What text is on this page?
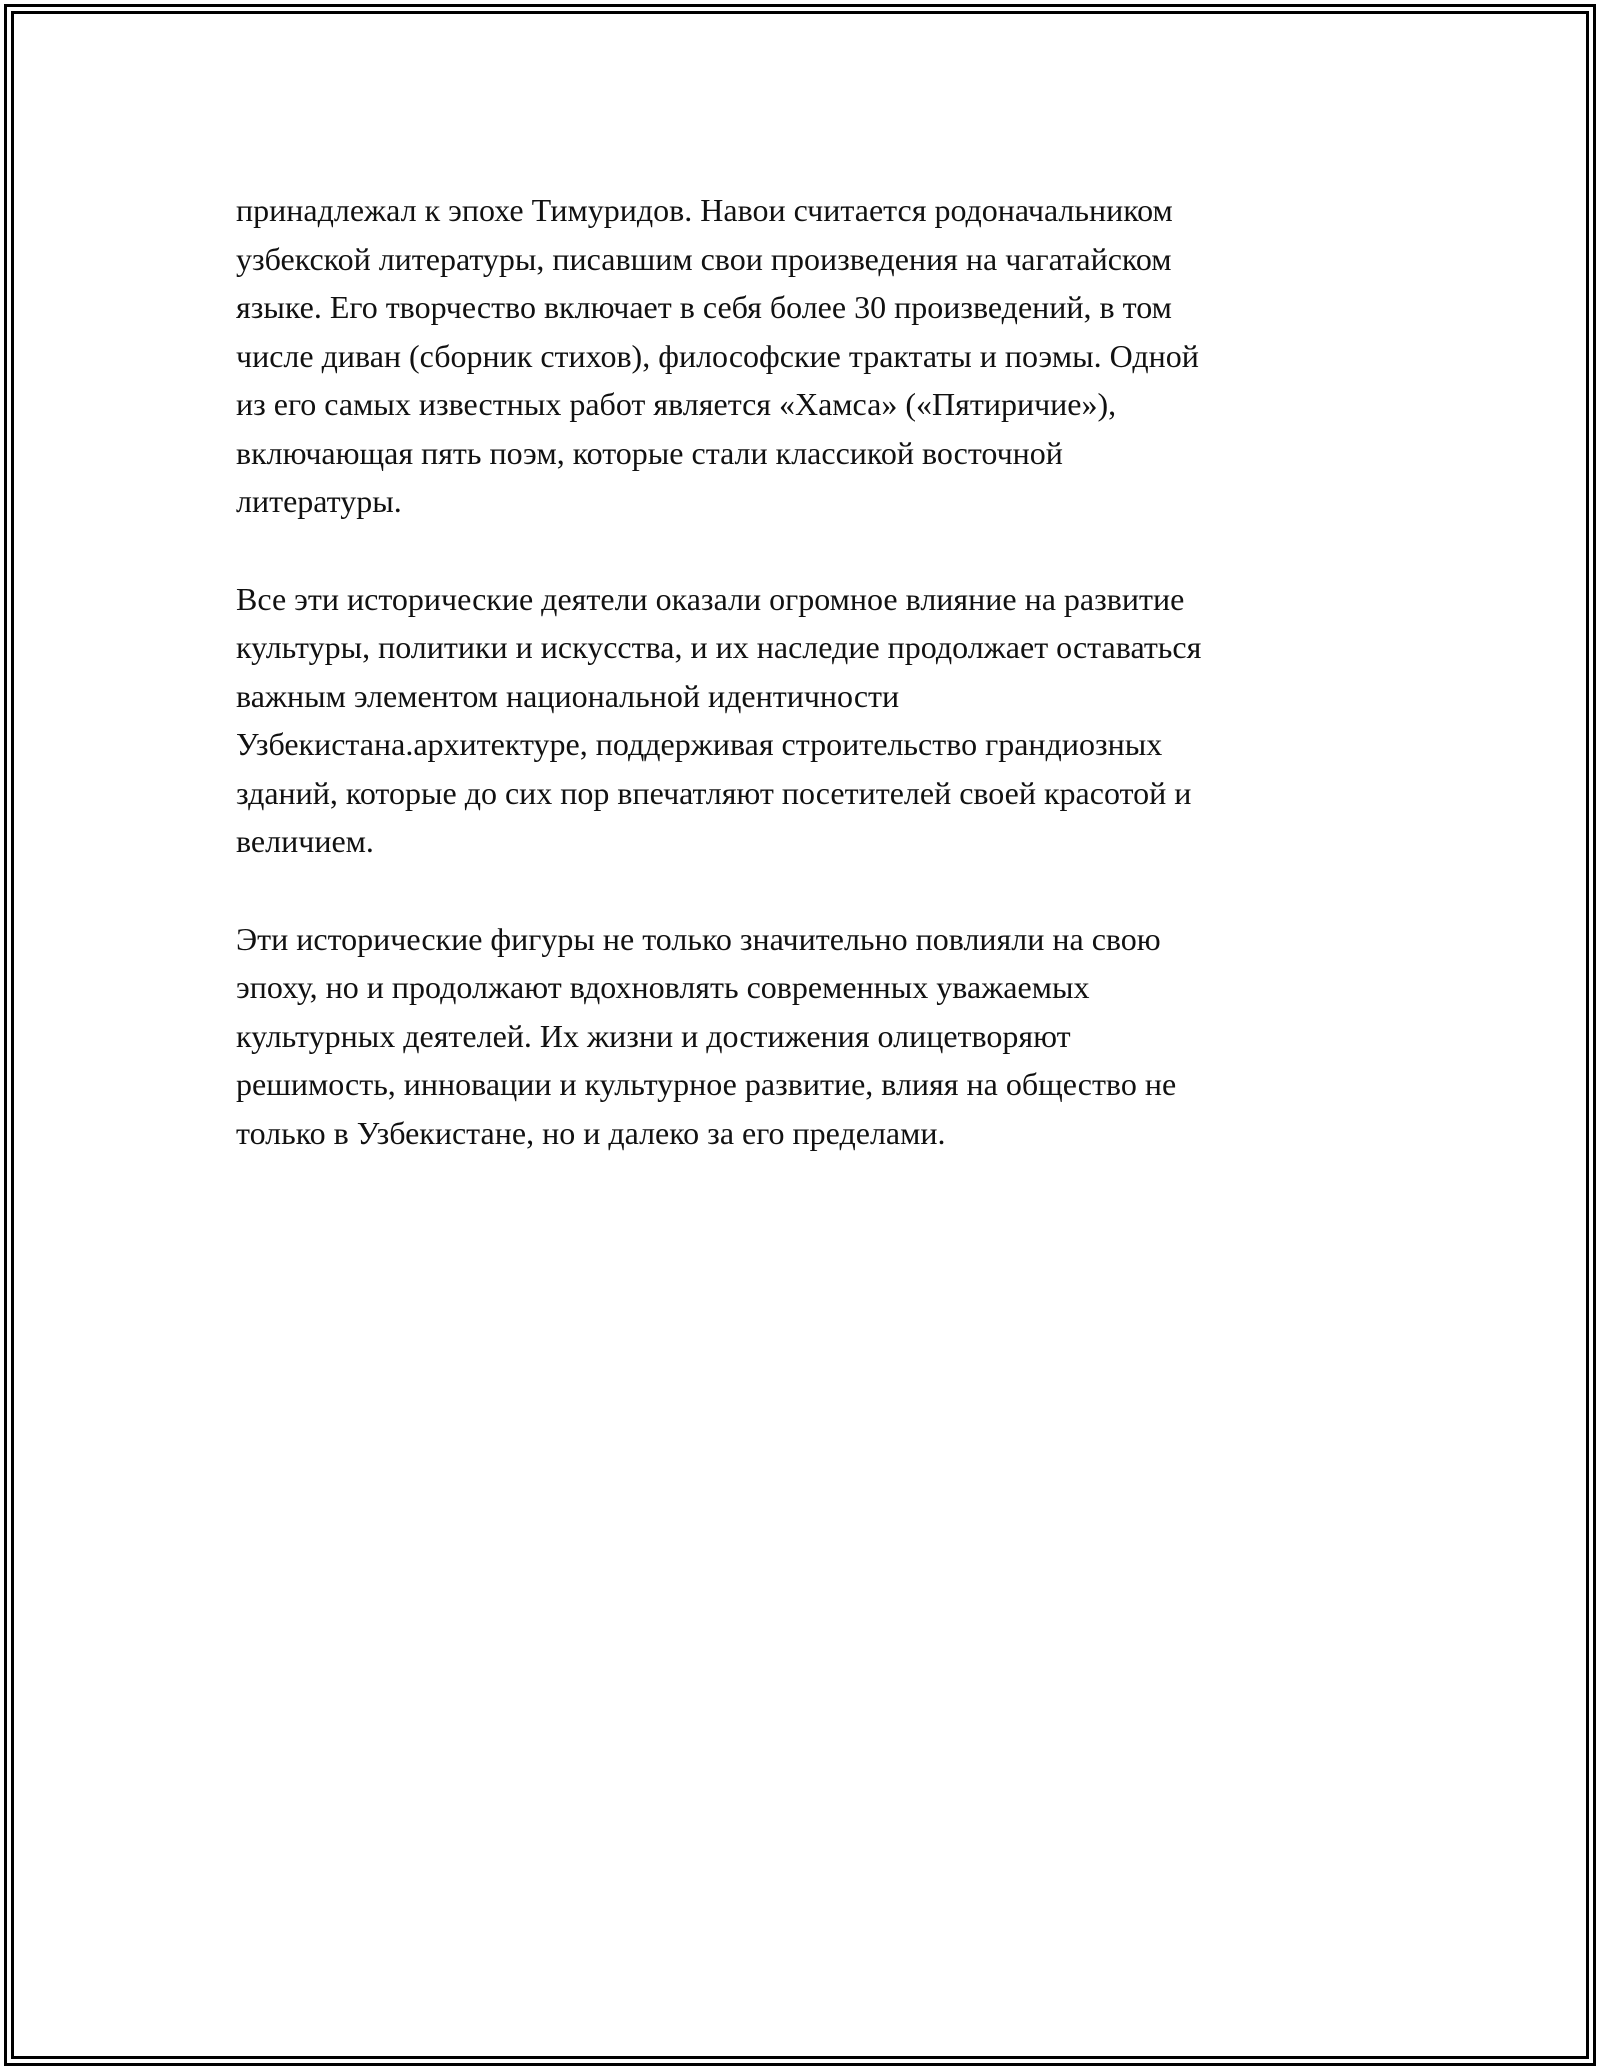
принадлежал к эпохе Тимуридов. Навои считается родоначальником
узбекской литературы, писавшим свои произведения на чагатайском
языке. Его творчество включает в себя более 30 произведений, в том
числе диван (сборник стихов), философские трактаты и поэмы. Одной
из его самых известных работ является «Хамса» («Пятиричие»),
включающая пять поэм, которые стали классикой восточной
литературы.

Все эти исторические деятели оказали огромное влияние на развитие
культуры, политики и искусства, и их наследие продолжает оставаться
важным элементом национальной идентичности
Узбекистана.архитектуре, поддерживая строительство грандиозных
зданий, которые до сих пор впечатляют посетителей своей красотой и
величием.

Эти исторические фигуры не только значительно повлияли на свою
эпоху, но и продолжают вдохновлять современных уважаемых
культурных деятелей. Их жизни и достижения олицетворяют
решимость, инновации и культурное развитие, влияя на общество не
только в Узбекистане, но и далеко за его пределами.
